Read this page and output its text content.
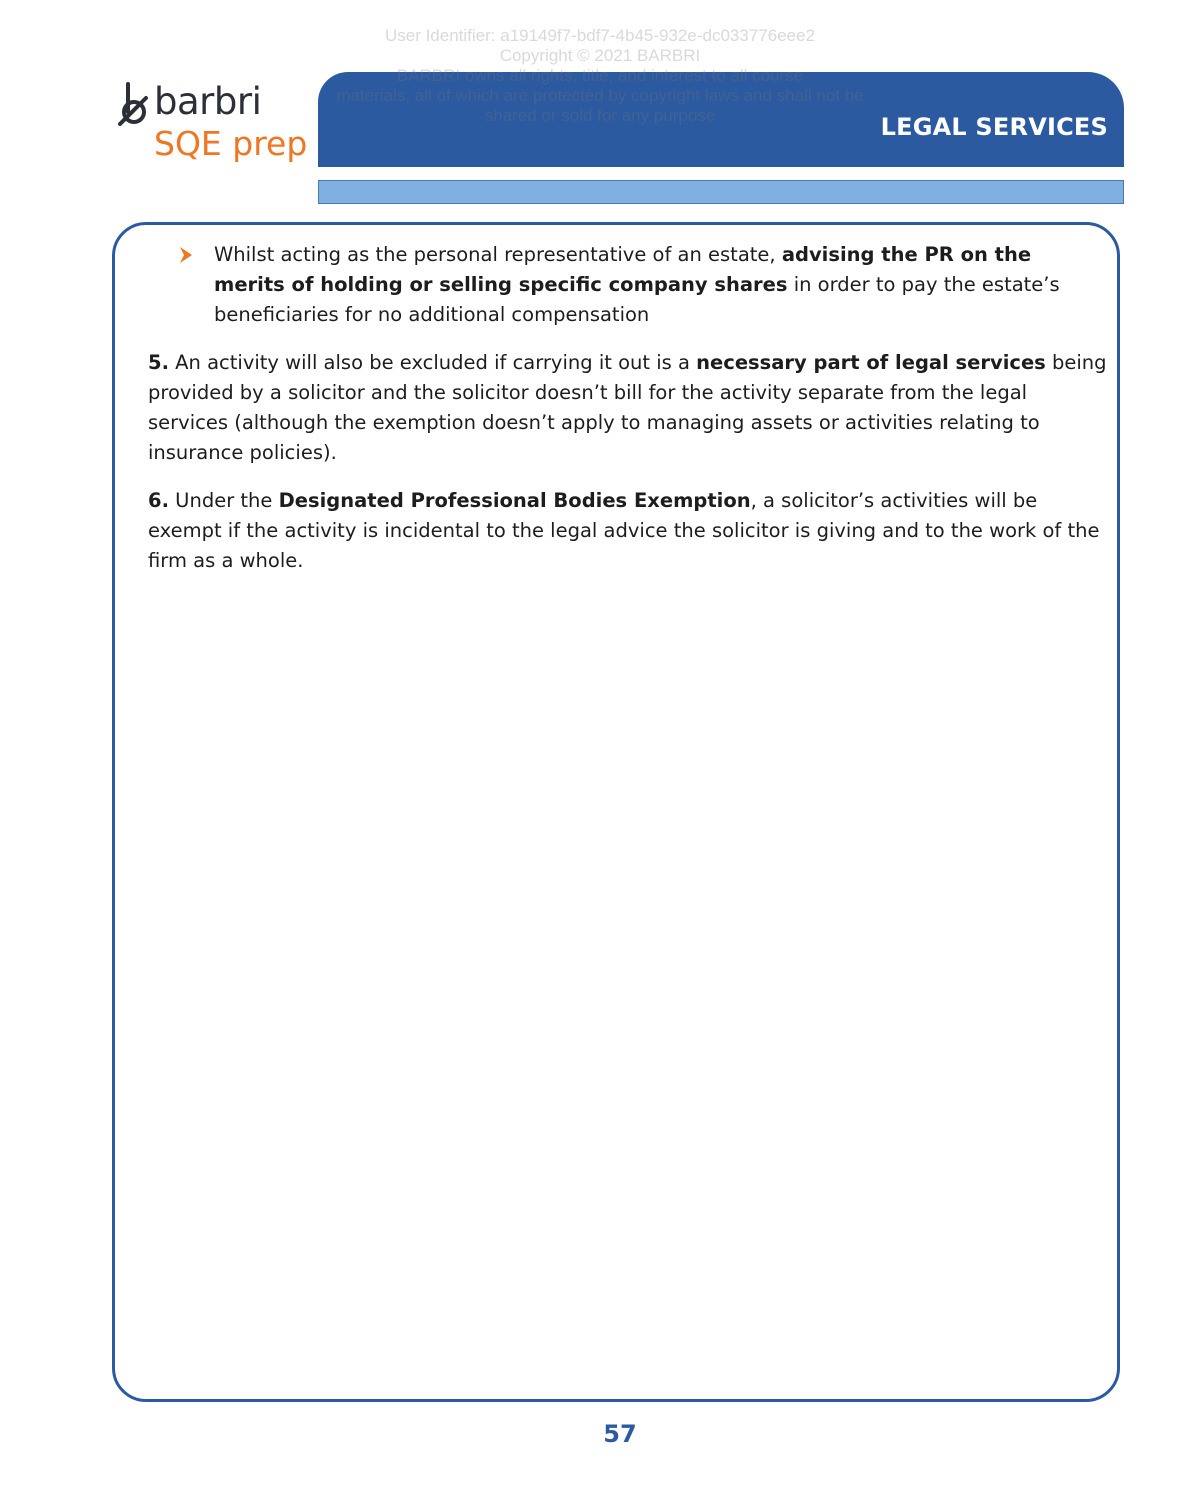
barbri
SQE prep	LEGAL SERVICES
User Identifier: a19149f7-bdf7-4b45-932e-dc033776eee2
Copyright © 2021 BARBRI
BARBRI owns all rights, title, and interest to all course
materials, all of which are protected by copyright laws and shall not be
shared or sold for any purpose
Whilst acting as the personal representative of an estate, advising the PR on the merits of holding or selling specific company shares in order to pay the estate’s beneficiaries for no additional compensation

5. An activity will also be excluded if carrying it out is a necessary part of legal services being provided by a solicitor and the solicitor doesn’t bill for the activity separate from the legal services (although the exemption doesn’t apply to managing assets or activities relating to insurance policies).

6. Under the Designated Professional Bodies Exemption, a solicitor’s activities will be exempt if the activity is incidental to the legal advice the solicitor is giving and to the work of the firm as a whole.

57
